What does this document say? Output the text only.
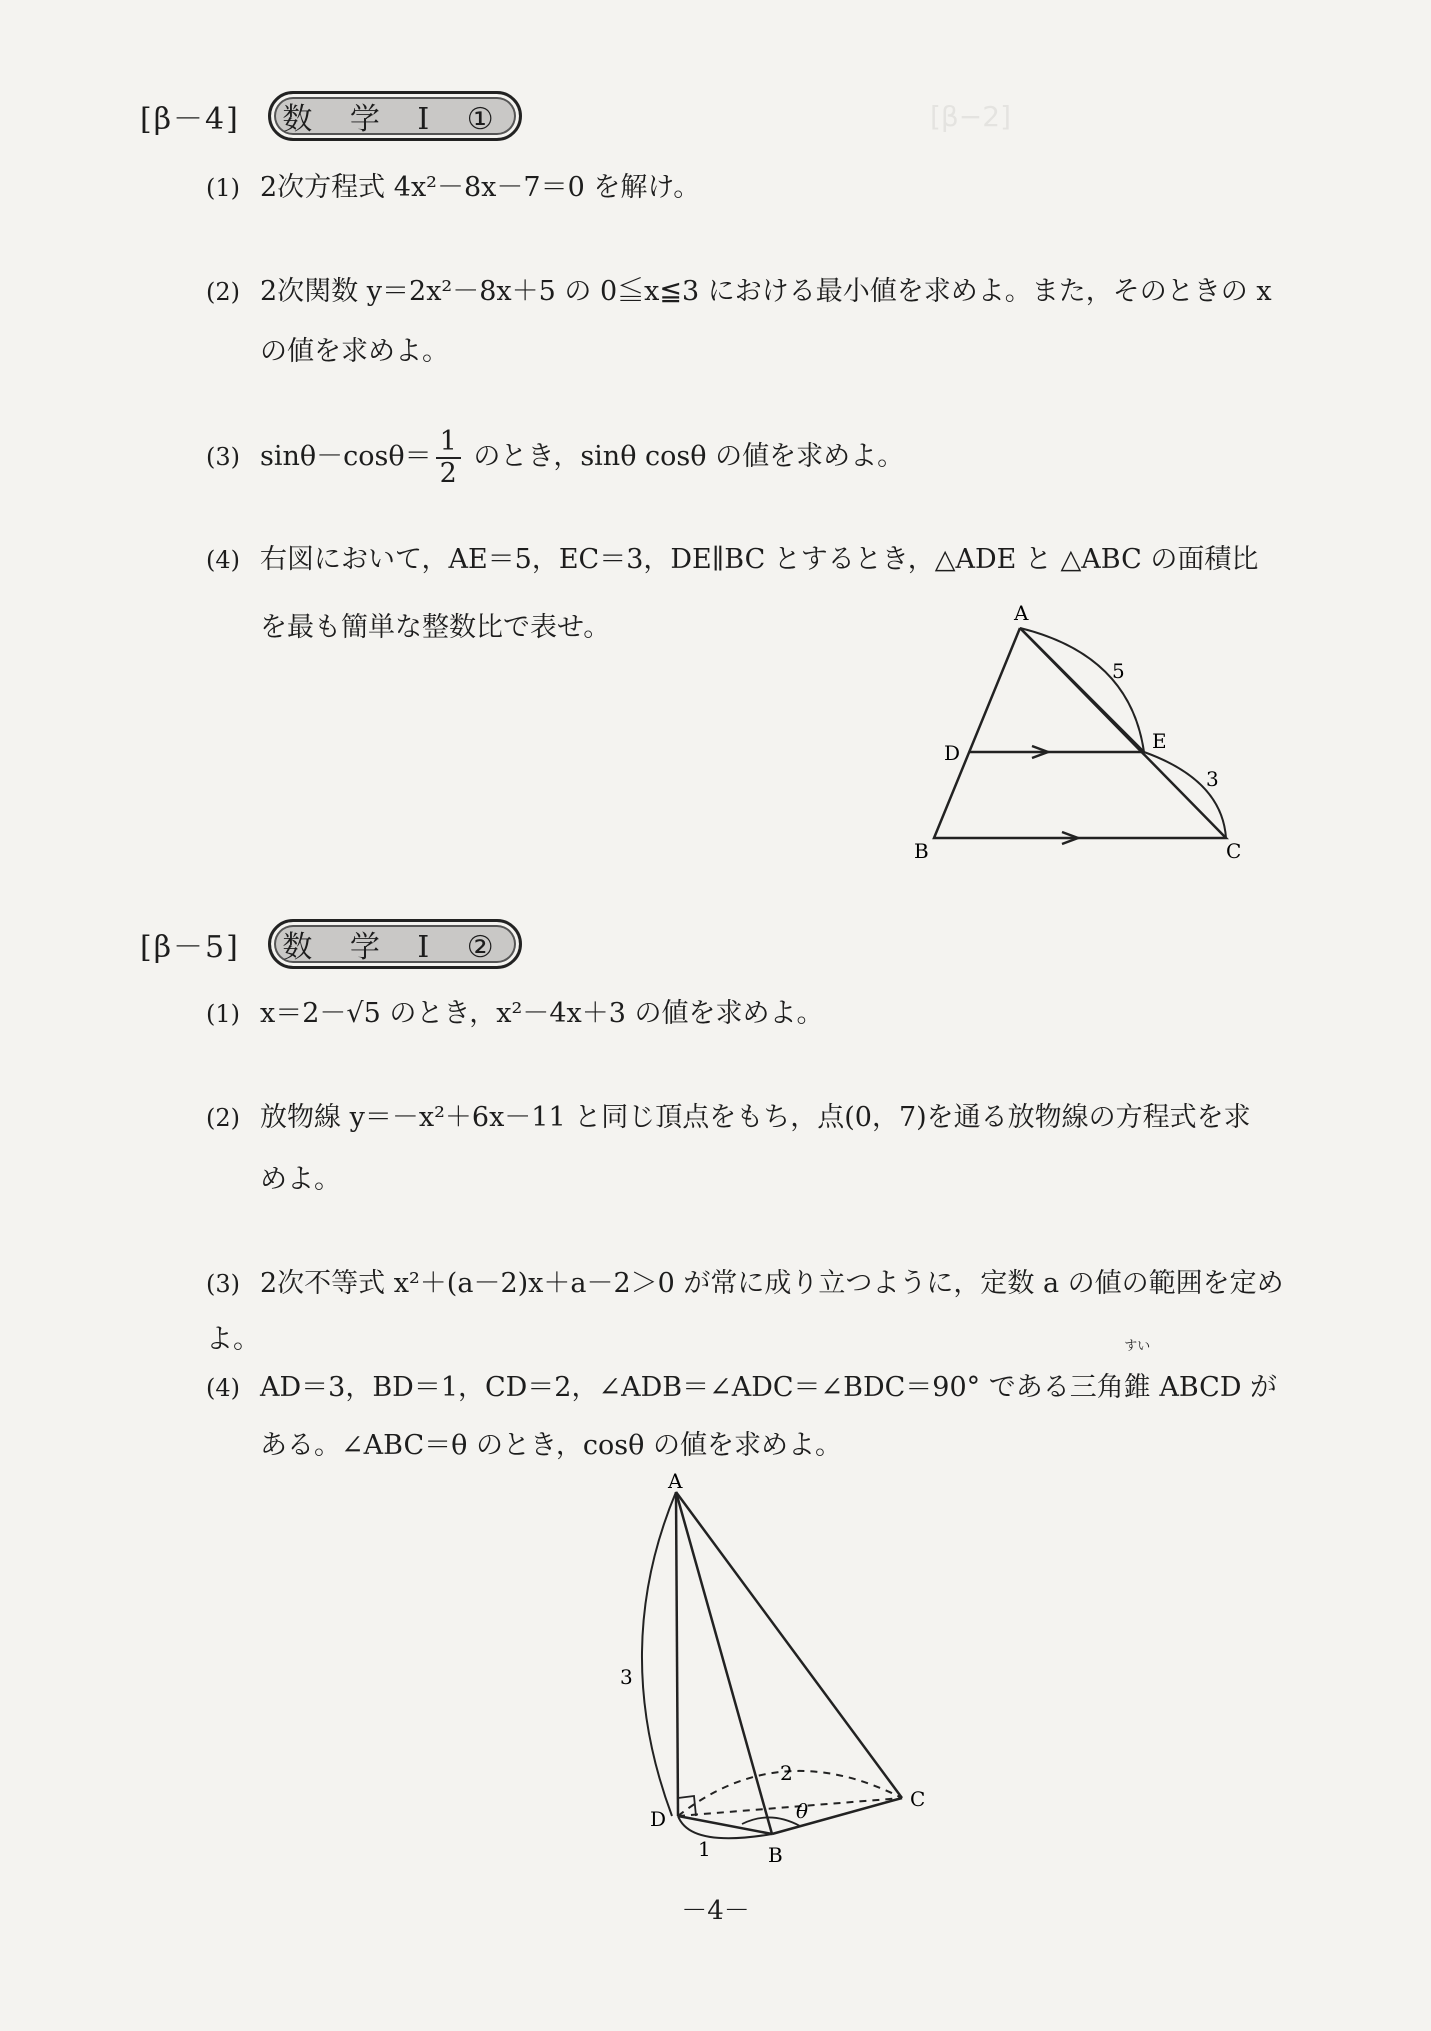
[β−2]
[β－4]	数 学 Ⅰ ①
(1) 2次方程式 4x²－8x－7＝0 を解け。
(2) 2次関数 y＝2x²－8x＋5 の 0≦x≦3 における最小値を求めよ。また，そのときの x
の値を求めよ。
(3) $\sin\theta-\cos\theta= \frac{1}{2}$ のとき，sinθ cosθ の値を求めよ。
(4) 右図において，AE＝5，EC＝3，DE∥BC とするとき，△ADE と △ABC の面積比
を最も簡単な整数比で表せ。	A
D	E
B	C
5
3
[β－5]	数 学 Ⅰ ②
(1) x＝2－√5 のとき，x²－4x＋3 の値を求めよ。
(2) 放物線 y＝－x²＋6x－11 と同じ頂点をもち，点(0，7)を通る放物線の方程式を求
めよ。
(3) 2次不等式 x²＋(a－2)x＋a－2＞0 が常に成り立つように，定数 a の値の範囲を定めよ。
(4) AD＝3，BD＝1，CD＝2，∠ADB＝∠ADC＝∠BDC＝90° である三角
すい
錐 ABCD が
ある。∠ABC＝θ のとき，cosθ の値を求めよ。
A
D
B
C
3
1
2
θ
－4－
